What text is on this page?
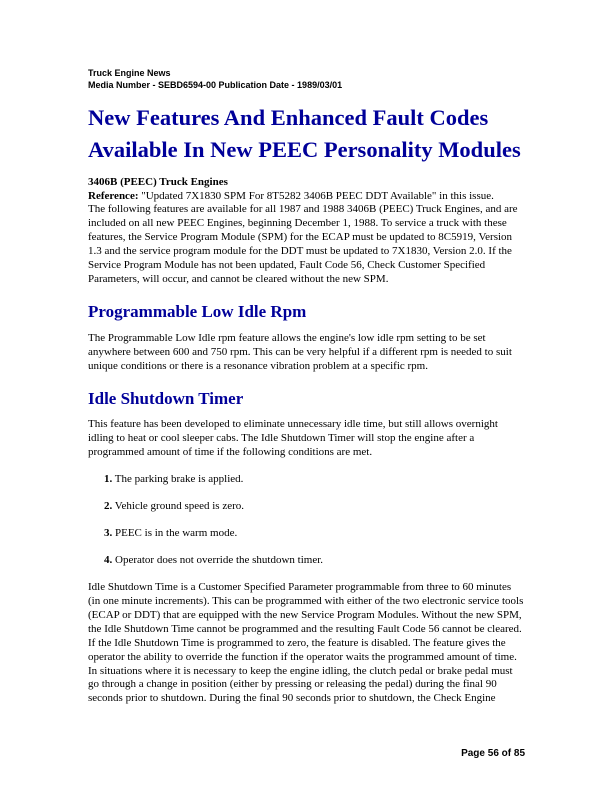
Truck Engine News
Media Number - SEBD6594-00 Publication Date - 1989/03/01
New Features And Enhanced Fault Codes Available In New PEEC Personality Modules
3406B (PEEC) Truck Engines
Reference: "Updated 7X1830 SPM For 8T5282 3406B PEEC DDT Available" in this issue.

The following features are available for all 1987 and 1988 3406B (PEEC) Truck Engines, and are included on all new PEEC Engines, beginning December 1, 1988. To service a truck with these features, the Service Program Module (SPM) for the ECAP must be updated to 8C5919, Version 1.3 and the service program module for the DDT must be updated to 7X1830, Version 2.0. If the Service Program Module has not been updated, Fault Code 56, Check Customer Specified Parameters, will occur, and cannot be cleared without the new SPM.

Programmable Low Idle Rpm

The Programmable Low Idle rpm feature allows the engine's low idle rpm setting to be set anywhere between 600 and 750 rpm. This can be very helpful if a different rpm is needed to suit unique conditions or there is a resonance vibration problem at a specific rpm.

Idle Shutdown Timer

This feature has been developed to eliminate unnecessary idle time, but still allows overnight idling to heat or cool sleeper cabs. The Idle Shutdown Timer will stop the engine after a programmed amount of time if the following conditions are met.

1. The parking brake is applied.
2. Vehicle ground speed is zero.
3. PEEC is in the warm mode.
4. Operator does not override the shutdown timer.

Idle Shutdown Time is a Customer Specified Parameter programmable from three to 60 minutes (in one minute increments). This can be programmed with either of the two electronic service tools (ECAP or DDT) that are equipped with the new Service Program Modules. Without the new SPM, the Idle Shutdown Time cannot be programmed and the resulting Fault Code 56 cannot be cleared. If the Idle Shutdown Time is programmed to zero, the feature is disabled. The feature gives the operator the ability to override the function if the operator waits the programmed amount of time. In situations where it is necessary to keep the engine idling, the clutch pedal or brake pedal must go through a change in position (either by pressing or releasing the pedal) during the final 90 seconds prior to shutdown. During the final 90 seconds prior to shutdown, the Check Engine

Page 56 of 85
